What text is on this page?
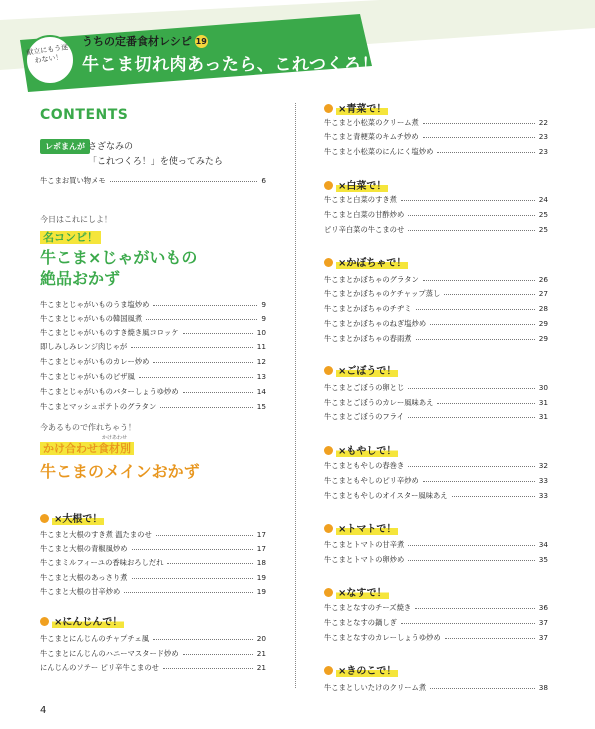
献立にもう迷わない！
うちの定番食材レシピ 19
牛こま切れ肉あったら、これつくろ！
CONTENTS
レポまんが さざなみの
「これつくろ！」を使ってみたら
牛こまお買い物メモ	6
今日はこれにしよ！
名コンビ！
牛こま×じゃがいもの
絶品おかず
牛こまとじゃがいものうま塩炒め	9
牛こまとじゃがいもの韓国風煮	9
牛こまとじゃがいものすき焼き風コロッケ	10
即しみしみレンジ肉じゃが	11
牛こまとじゃがいものカレー炒め	12
牛こまとじゃがいものピザ風	13
牛こまとじゃがいものバターしょうゆ炒め	14
牛こまとマッシュポテトのグラタン	15
今あるもので作れちゃう！
かけあわせ
かけ合わせ食材別
牛こまのメインおかず
×大根で！
牛こまと大根のすき煮 温たまのせ	17
牛こまと大根の青椒風炒め	17
牛こまミルフィーユの香味おろしだれ	18
牛こまと大根のあっさり煮	19
牛こまと大根の甘辛炒め	19
×にんじんで！
牛こまとにんじんのチャプチェ風	20
牛こまとにんじんのハニーマスタード炒め	21
にんじんのソテー ピリ辛牛こまのせ	21
×青菜で！
牛こまと小松菜のクリーム煮	22
牛こまと青梗菜のキムチ炒め	23
牛こまと小松菜のにんにく塩炒め	23
×白菜で！
牛こまと白菜のすき煮	24
牛こまと白菜の甘酢炒め	25
ピリ辛白菜の牛こまのせ	25
×かぼちゃで！
牛こまとかぼちゃのグラタン	26
牛こまとかぼちゃのケチャップ蒸し	27
牛こまとかぼちゃのチヂミ	28
牛こまとかぼちゃのねぎ塩炒め	29
牛こまとかぼちゃの春雨煮	29
×ごぼうで！
牛こまとごぼうの卵とじ	30
牛こまとごぼうのカレー風味あえ	31
牛こまとごぼうのフライ	31
×もやしで！
牛こまともやしの春巻き	32
牛こまともやしのピリ辛炒め	33
牛こまともやしのオイスター風味あえ	33
×トマトで！
牛こまとトマトの甘辛煮	34
牛こまとトマトの卵炒め	35
×なすで！
牛こまとなすのチーズ焼き	36
牛こまとなすの鍋しぎ	37
牛こまとなすのカレーしょうゆ炒め	37
×きのこで！
牛こまとしいたけのクリーム煮	38
4
